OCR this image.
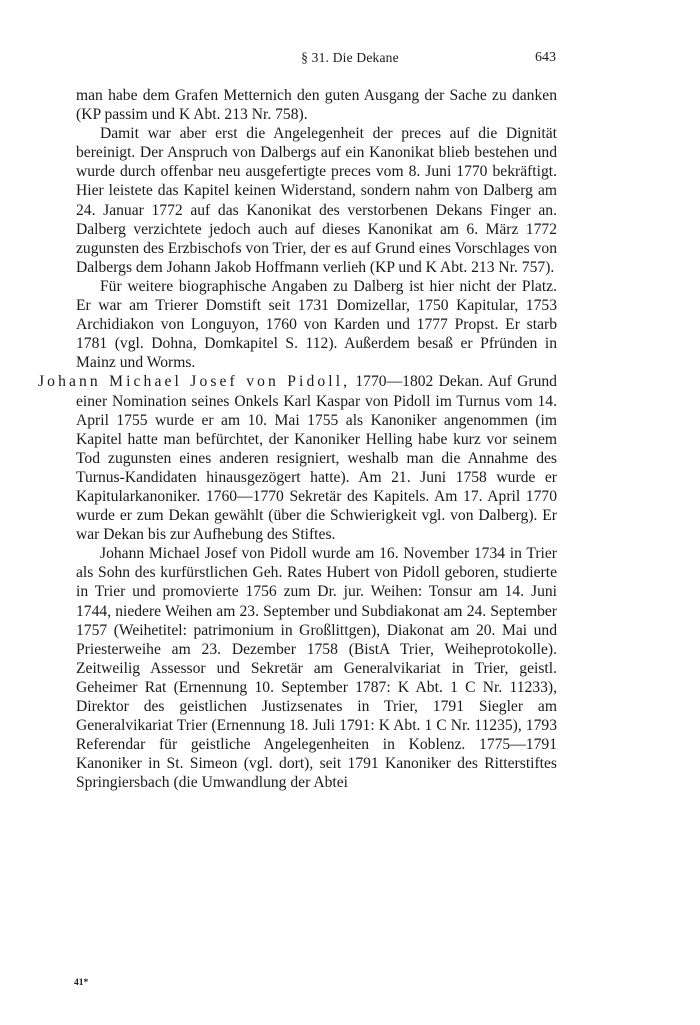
§ 31. Die Dekane	643

man habe dem Grafen Metternich den guten Ausgang der Sache zu danken (KP passim und K Abt. 213 Nr. 758).

Damit war aber erst die Angelegenheit der preces auf die Dignität bereinigt. Der Anspruch von Dalbergs auf ein Kanonikat blieb bestehen und wurde durch offenbar neu ausgefertigte preces vom 8. Juni 1770 bekräftigt. Hier leistete das Kapitel keinen Widerstand, sondern nahm von Dalberg am 24. Januar 1772 auf das Kanonikat des verstorbenen Dekans Finger an. Dalberg verzichtete jedoch auch auf dieses Kanonikat am 6. März 1772 zugunsten des Erzbischofs von Trier, der es auf Grund eines Vorschlages von Dalbergs dem Johann Jakob Hoffmann verlieh (KP und K Abt. 213 Nr. 757).

Für weitere biographische Angaben zu Dalberg ist hier nicht der Platz. Er war am Trierer Domstift seit 1731 Domizellar, 1750 Kapitular, 1753 Archidiakon von Longuyon, 1760 von Karden und 1777 Propst. Er starb 1781 (vgl. Dohna, Domkapitel S. 112). Außerdem besaß er Pfründen in Mainz und Worms.

Johann Michael Josef von Pidoll, 1770—1802 Dekan. Auf Grund einer Nomination seines Onkels Karl Kaspar von Pidoll im Turnus vom 14. April 1755 wurde er am 10. Mai 1755 als Kanoniker angenommen (im Kapitel hatte man befürchtet, der Kanoniker Helling habe kurz vor seinem Tod zugunsten eines anderen resigniert, weshalb man die Annahme des Turnus-Kandidaten hinausgezögert hatte). Am 21. Juni 1758 wurde er Kapitularkanoniker. 1760—1770 Sekretär des Kapitels. Am 17. April 1770 wurde er zum Dekan gewählt (über die Schwierigkeit vgl. von Dalberg). Er war Dekan bis zur Aufhebung des Stiftes.

Johann Michael Josef von Pidoll wurde am 16. November 1734 in Trier als Sohn des kurfürstlichen Geh. Rates Hubert von Pidoll geboren, studierte in Trier und promovierte 1756 zum Dr. jur. Weihen: Tonsur am 14. Juni 1744, niedere Weihen am 23. September und Subdiakonat am 24. September 1757 (Weihetitel: patrimonium in Großlittgen), Diakonat am 20. Mai und Priesterweihe am 23. Dezember 1758 (BistA Trier, Weiheprotokolle). Zeitweilig Assessor und Sekretär am Generalvikariat in Trier, geistl. Geheimer Rat (Ernennung 10. September 1787: K Abt. 1 C Nr. 11233), Direktor des geistlichen Justizsenates in Trier, 1791 Siegler am Generalvikariat Trier (Ernennung 18. Juli 1791: K Abt. 1 C Nr. 11235), 1793 Referendar für geistliche Angelegenheiten in Koblenz. 1775—1791 Kanoniker in St. Simeon (vgl. dort), seit 1791 Kanoniker des Ritterstiftes Springiersbach (die Umwandlung der Abtei

41*
